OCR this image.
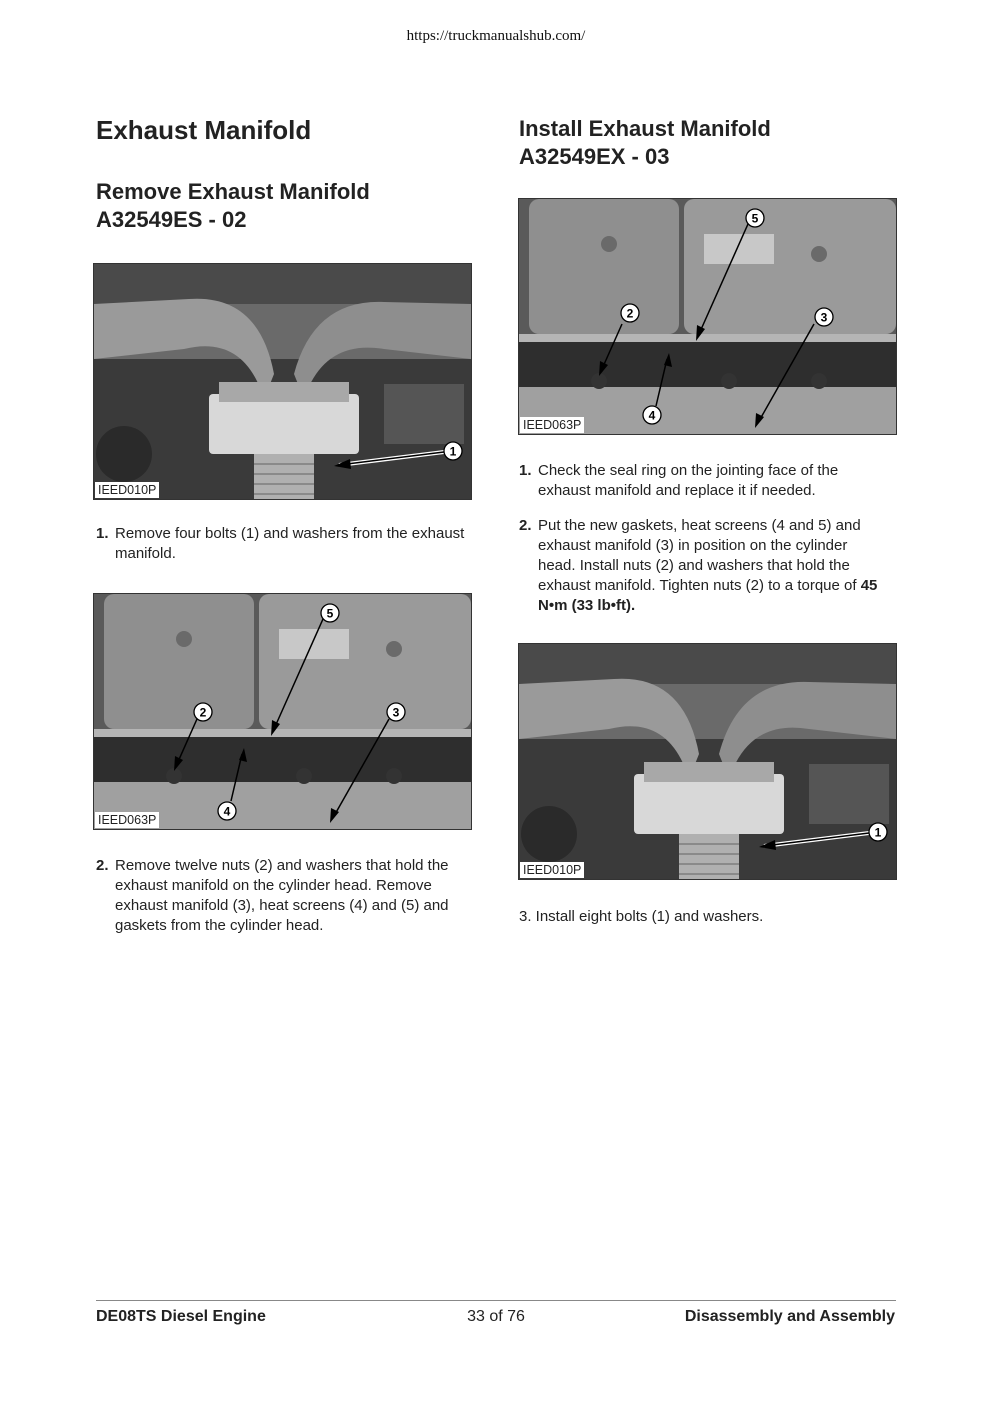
https://truckmanualshub.com/
Exhaust Manifold
Remove Exhaust Manifold
A32549ES - 02
1
IEED010P
1. Remove four bolts (1) and washers from the exhaust manifold.
5
2	3
4
IEED063P
2. Remove twelve nuts (2) and washers that hold the exhaust manifold on the cylinder head. Remove exhaust manifold (3), heat screens (4) and (5) and gaskets from the cylinder head.
Install Exhaust Manifold
A32549EX - 03
5
2	3
4
IEED063P
1. Check the seal ring on the jointing face of the exhaust manifold and replace it if needed.
2. Put the new gaskets, heat screens (4 and 5) and exhaust manifold (3) in position on the cylinder head. Install nuts (2) and washers that hold the exhaust manifold. Tighten nuts (2) to a torque of 45 N•m (33 lb•ft).
1
IEED010P
3. Install eight bolts (1) and washers.
DE08TS Diesel Engine	33 of 76	Disassembly and Assembly
